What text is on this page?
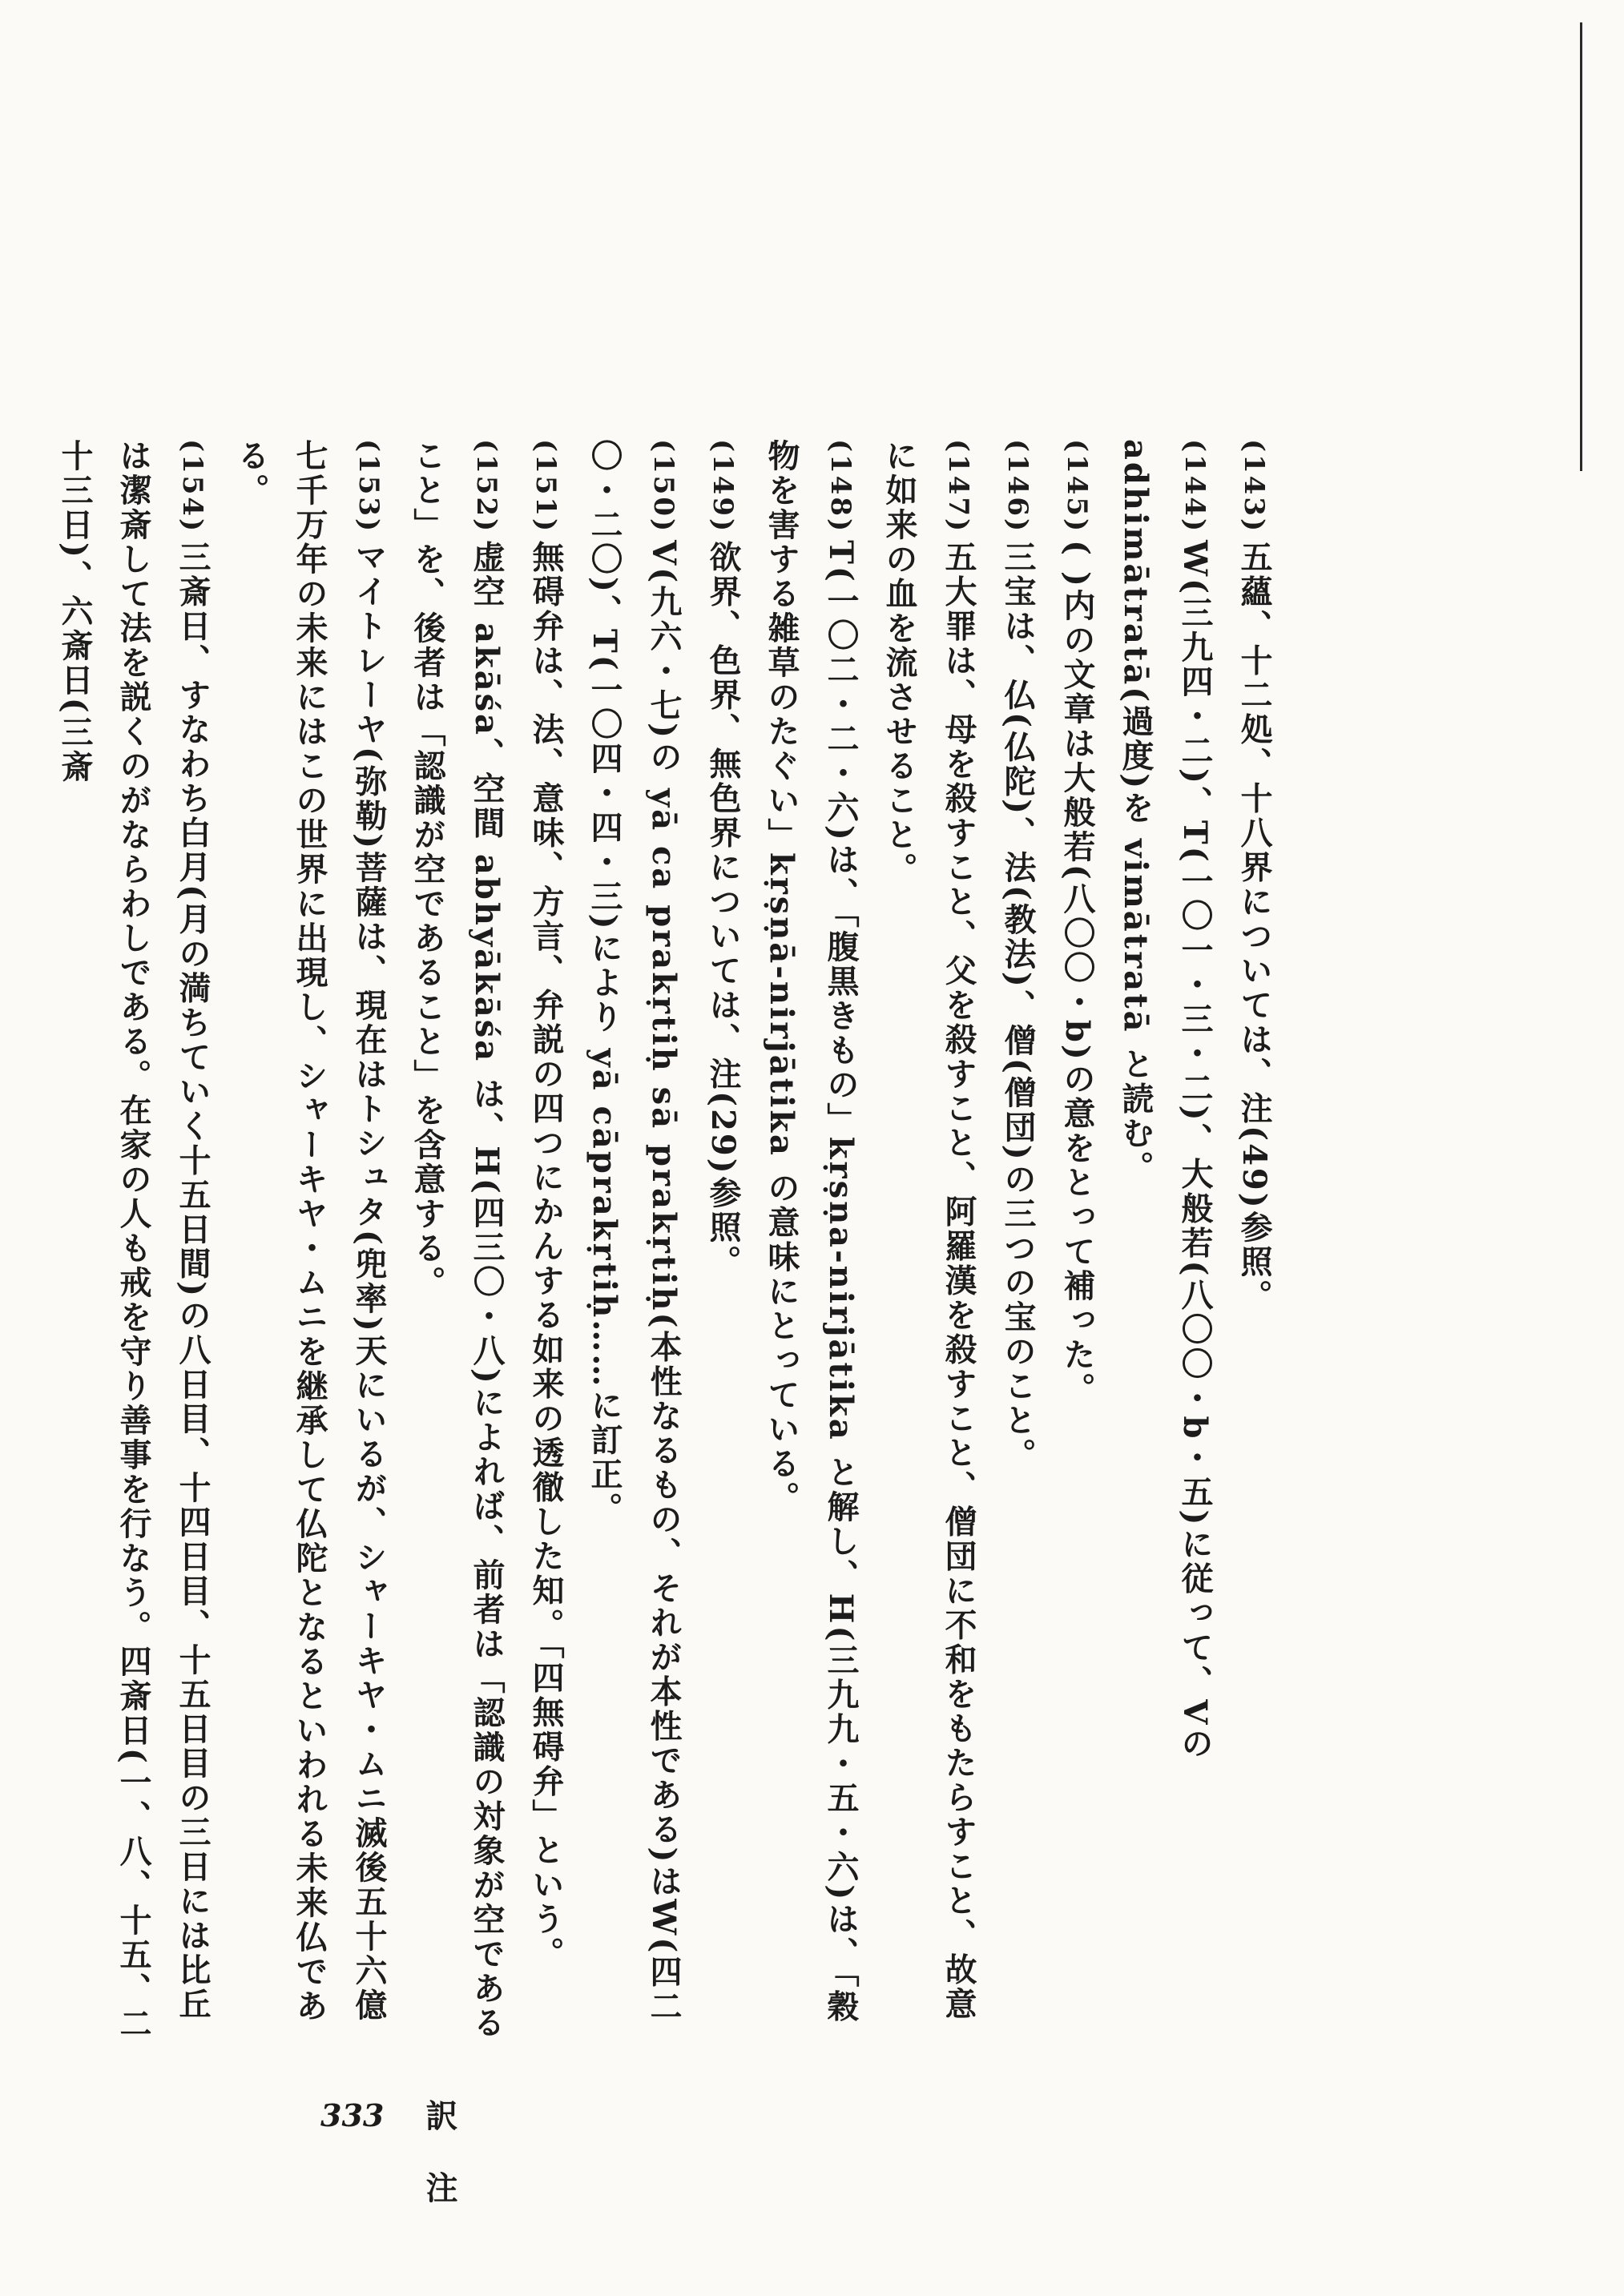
(143)五蘊、十二処、十八界については、注(49)参照。

(144)W(三九四・二)、T(一〇一・三・二)、大般若(八〇〇・b・五)に従って、Vの adhimātratā(過度)を vimātratā と読む。

(145)( )内の文章は大般若(八〇〇・b)の意をとって補った。

(146)三宝は、仏(仏陀)、法(教法)、僧(僧団)の三つの宝のこと。

(147)五大罪は、母を殺すこと、父を殺すこと、阿羅漢を殺すこと、僧団に不和をもたらすこと、故意に如来の血を流させること。

(148)T(一〇二・二・六)は、「腹黒きもの」kṛṣṇa-nirjātika と解し、H(三九九・五・六)は、「穀物を害する雑草のたぐい」kṛṣṇā-nirjātika の意味にとっている。

(149)欲界、色界、無色界については、注(29)参照。

(150)V(九六・七)の yā ca prakṛtiḥ sā prakṛtiḥ(本性なるもの、それが本性である)はW(四二〇・二〇)、T(一〇四・四・三)により yā cāprakṛtiḥ……に訂正。

(151)無碍弁は、法、意味、方言、弁説の四つにかんする如来の透徹した知。「四無碍弁」という。

(152)虚空 akāśa、空間 abhyākāśa は、H(四三〇・八)によれば、前者は「認識の対象が空であること」を、後者は「認識が空であること」を含意する。

(153)マイトレーヤ(弥勒)菩薩は、現在はトシュタ(兜率)天にいるが、シャーキヤ・ムニ滅後五十六億七千万年の未来にはこの世界に出現し、シャーキヤ・ムニを継承して仏陀となるといわれる未来仏である。

(154)三斎日、すなわち白月(月の満ちていく十五日間)の八日目、十四日目、十五日目の三日には比丘は潔斎して法を説くのがならわしである。在家の人も戒を守り善事を行なう。四斎日(一、八、十五、二十三日)、六斎日(三斎

333 訳 注
